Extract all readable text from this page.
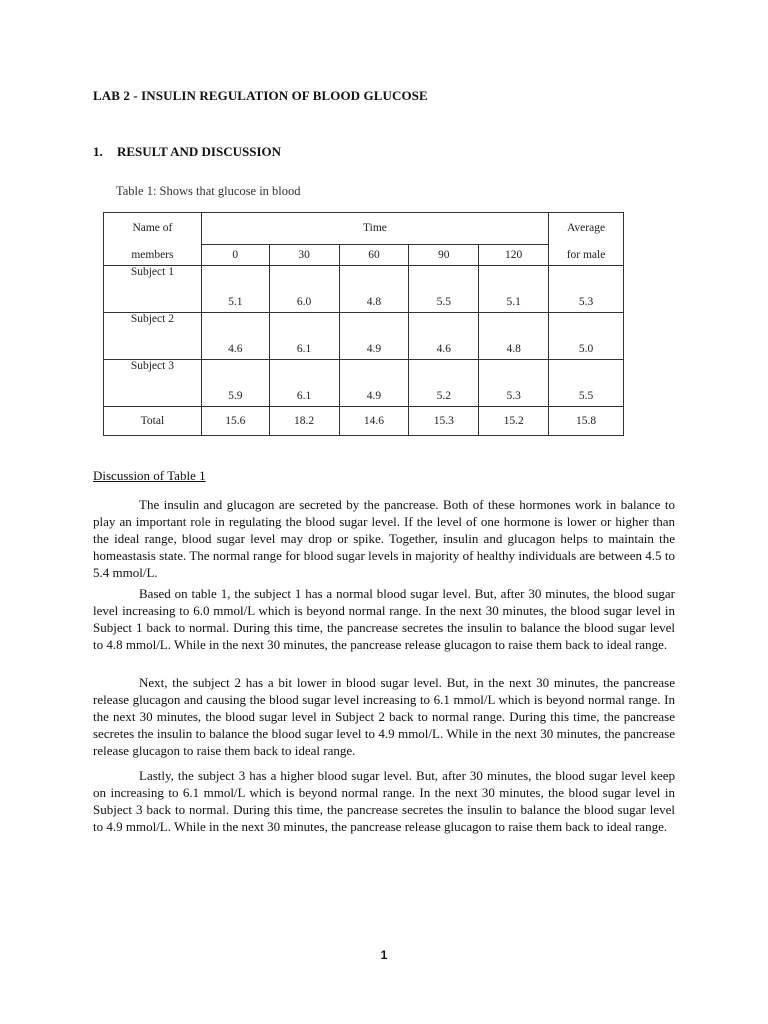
LAB 2 - INSULIN REGULATION OF BLOOD GLUCOSE
1. RESULT AND DISCUSSION
Table 1: Shows that glucose in blood
Name of	Time					Average
members	0	30	60	90	120	for male
Subject 1	5.1	6.0	4.8	5.5	5.1	5.3
Subject 2	4.6	6.1	4.9	4.6	4.8	5.0
Subject 3	5.9	6.1	4.9	5.2	5.3	5.5
Total	15.6	18.2	14.6	15.3	15.2	15.8
Discussion of Table 1

The insulin and glucagon are secreted by the pancrease. Both of these hormones work in balance to play an important role in regulating the blood sugar level. If the level of one hormone is lower or higher than the ideal range, blood sugar level may drop or spike. Together, insulin and glucagon helps to maintain the homeastasis state. The normal range for blood sugar levels in majority of healthy individuals are between 4.5 to 5.4 mmol/L.

Based on table 1, the subject 1 has a normal blood sugar level. But, after 30 minutes, the blood sugar level increasing to 6.0 mmol/L which is beyond normal range. In the next 30 minutes, the blood sugar level in Subject 1 back to normal. During this time, the pancrease secretes the insulin to balance the blood sugar level to 4.8 mmol/L. While in the next 30 minutes, the pancrease release glucagon to raise them back to ideal range.

Next, the subject 2 has a bit lower in blood sugar level. But, in the next 30 minutes, the pancrease release glucagon and causing the blood sugar level increasing to 6.1 mmol/L which is beyond normal range. In the next 30 minutes, the blood sugar level in Subject 2 back to normal range. During this time, the pancrease secretes the insulin to balance the blood sugar level to 4.9 mmol/L. While in the next 30 minutes, the pancrease release glucagon to raise them back to ideal range.

Lastly, the subject 3 has a higher blood sugar level. But, after 30 minutes, the blood sugar level keep on increasing to 6.1 mmol/L which is beyond normal range. In the next 30 minutes, the blood sugar level in Subject 3 back to normal. During this time, the pancrease secretes the insulin to balance the blood sugar level to 4.9 mmol/L. While in the next 30 minutes, the pancrease release glucagon to raise them back to ideal range.

1
